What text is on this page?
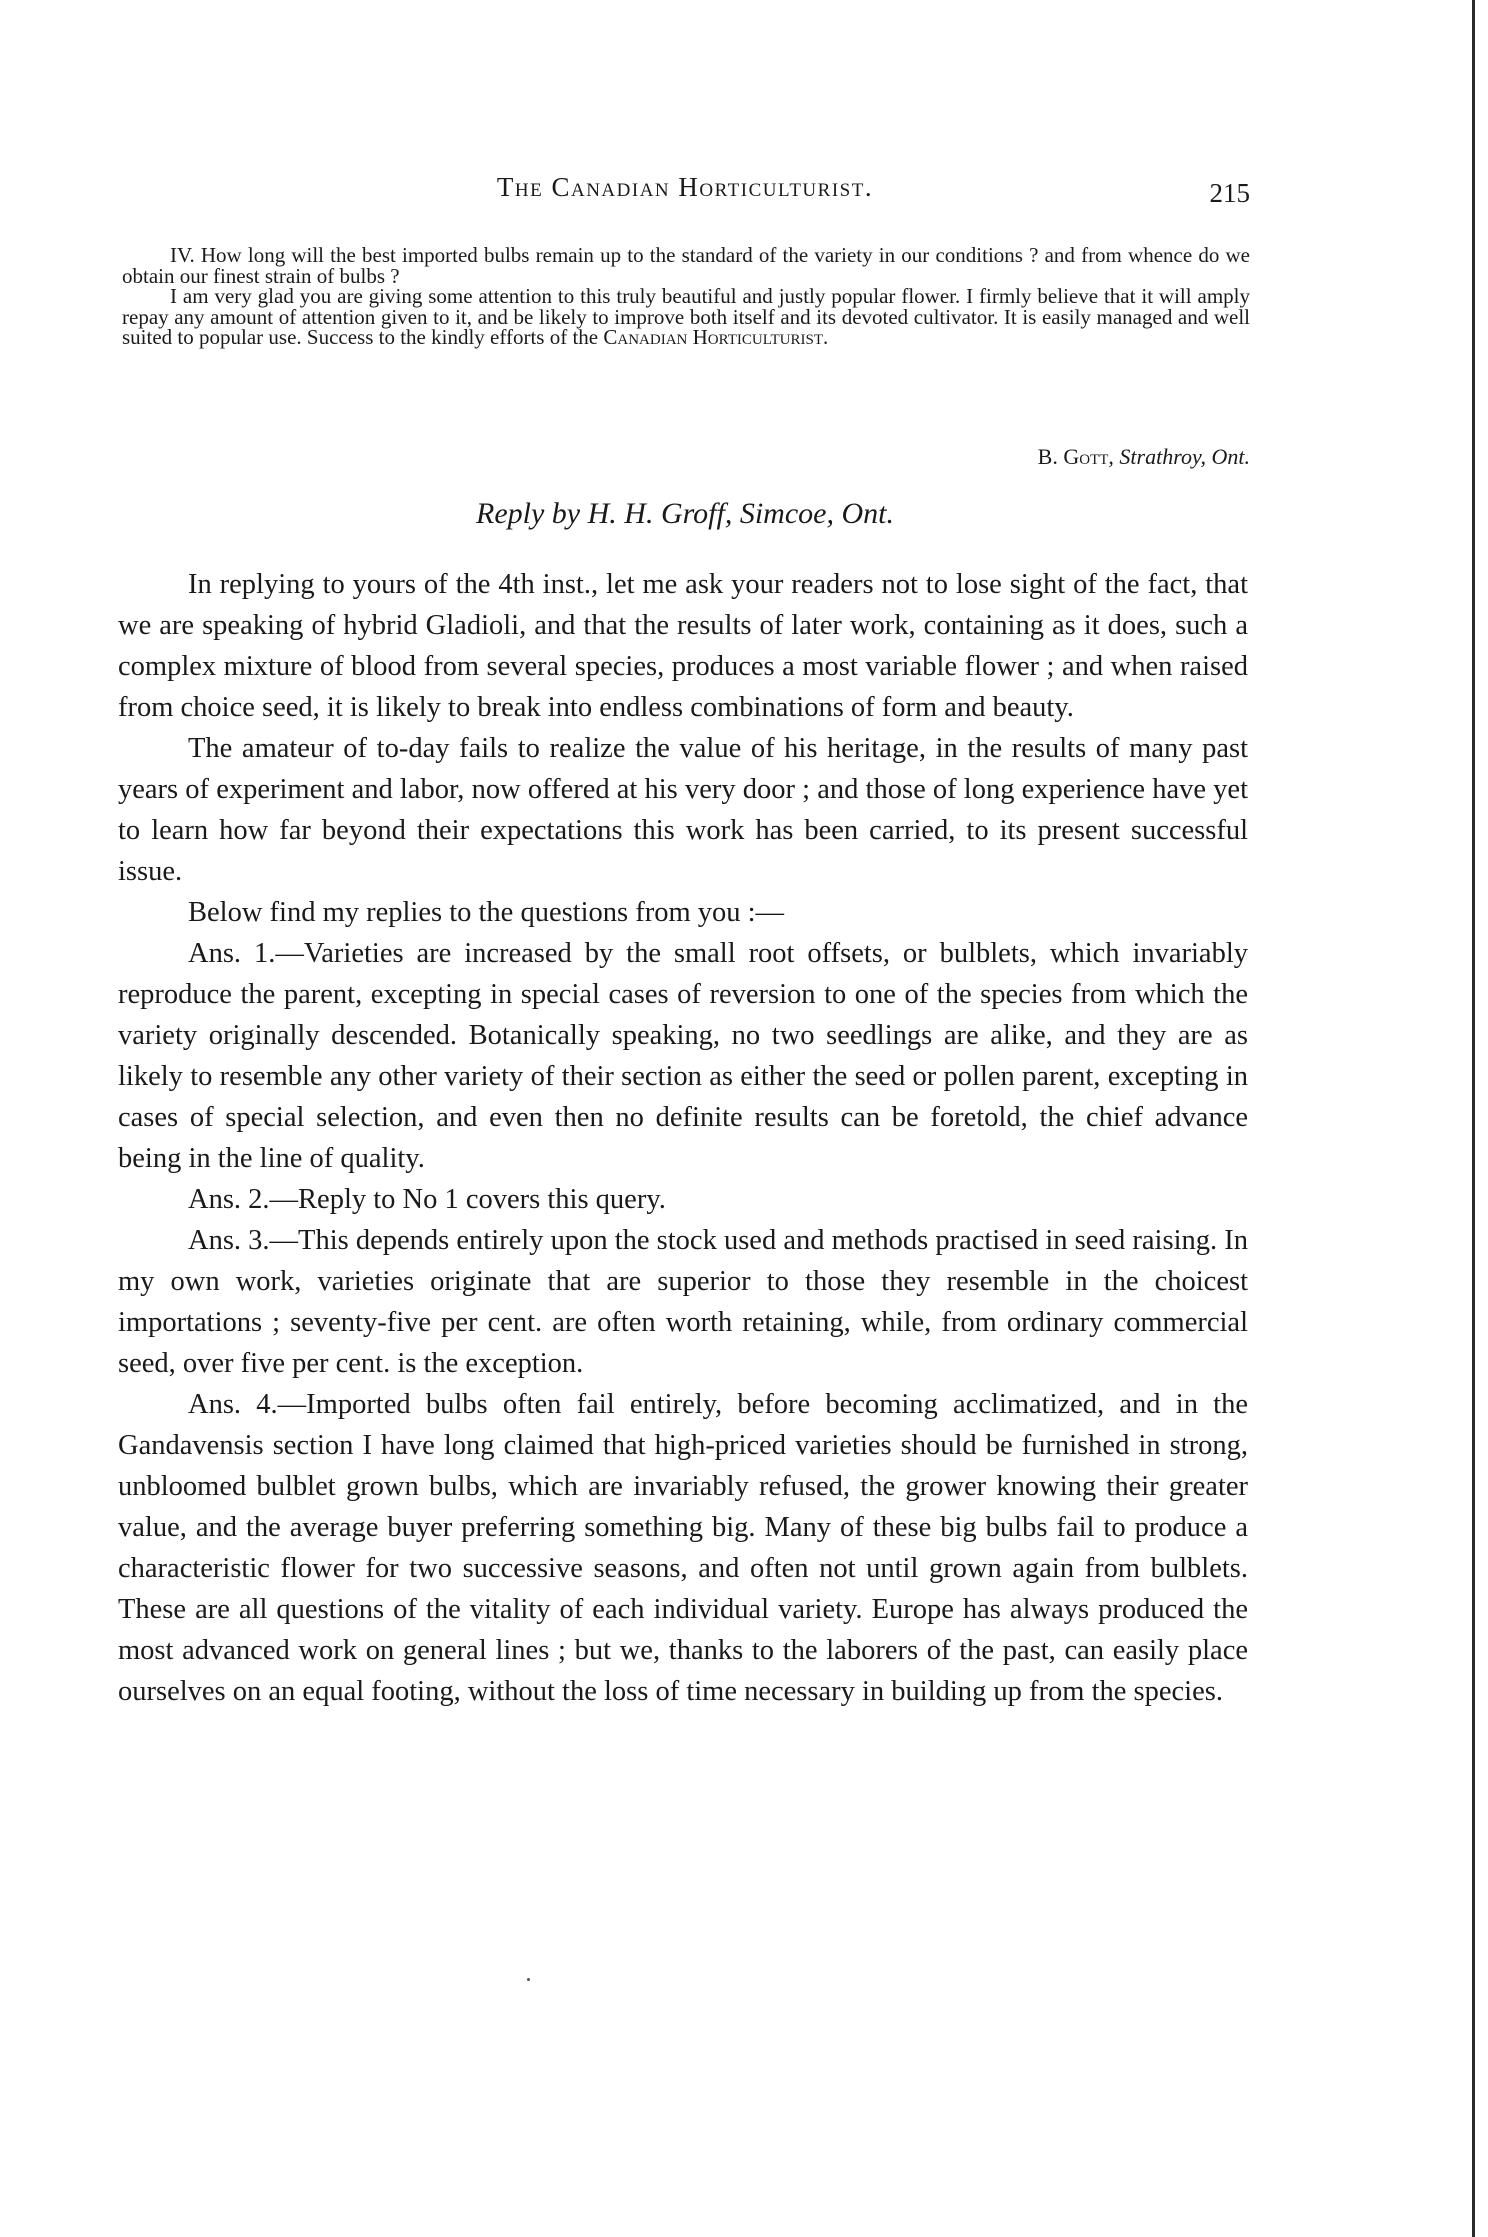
The Canadian Horticulturist.	215

IV. How long will the best imported bulbs remain up to the standard of the variety in our conditions ? and from whence do we obtain our finest strain of bulbs ?

I am very glad you are giving some attention to this truly beautiful and justly popular flower. I firmly believe that it will amply repay any amount of attention given to it, and be likely to improve both itself and its devoted cultivator. It is easily managed and well suited to popular use. Success to the kindly efforts of the Canadian Horticulturist.

B. Gott, Strathroy, Ont.
Reply by H. H. Groff, Simcoe, Ont.

In replying to yours of the 4th inst., let me ask your readers not to lose sight of the fact, that we are speaking of hybrid Gladioli, and that the results of later work, containing as it does, such a complex mixture of blood from several species, produces a most variable flower ; and when raised from choice seed, it is likely to break into endless combinations of form and beauty.

The amateur of to-day fails to realize the value of his heritage, in the results of many past years of experiment and labor, now offered at his very door ; and those of long experience have yet to learn how far beyond their expectations this work has been carried, to its present successful issue.

Below find my replies to the questions from you :—

Ans. 1.—Varieties are increased by the small root offsets, or bulblets, which invariably reproduce the parent, excepting in special cases of reversion to one of the species from which the variety originally descended. Botanically speaking, no two seedlings are alike, and they are as likely to resemble any other variety of their section as either the seed or pollen parent, excepting in cases of special selection, and even then no definite results can be foretold, the chief advance being in the line of quality.

Ans. 2.—Reply to No 1 covers this query.

Ans. 3.—This depends entirely upon the stock used and methods practised in seed raising. In my own work, varieties originate that are superior to those they resemble in the choicest importations ; seventy-five per cent. are often worth retaining, while, from ordinary commercial seed, over five per cent. is the exception.

Ans. 4.—Imported bulbs often fail entirely, before becoming acclimatized, and in the Gandavensis section I have long claimed that high-priced varieties should be furnished in strong, unbloomed bulblet grown bulbs, which are invariably refused, the grower knowing their greater value, and the average buyer preferring something big. Many of these big bulbs fail to produce a characteristic flower for two successive seasons, and often not until grown again from bulblets. These are all questions of the vitality of each individual variety. Europe has always produced the most advanced work on general lines ; but we, thanks to the laborers of the past, can easily place ourselves on an equal footing, without the loss of time necessary in building up from the species.
